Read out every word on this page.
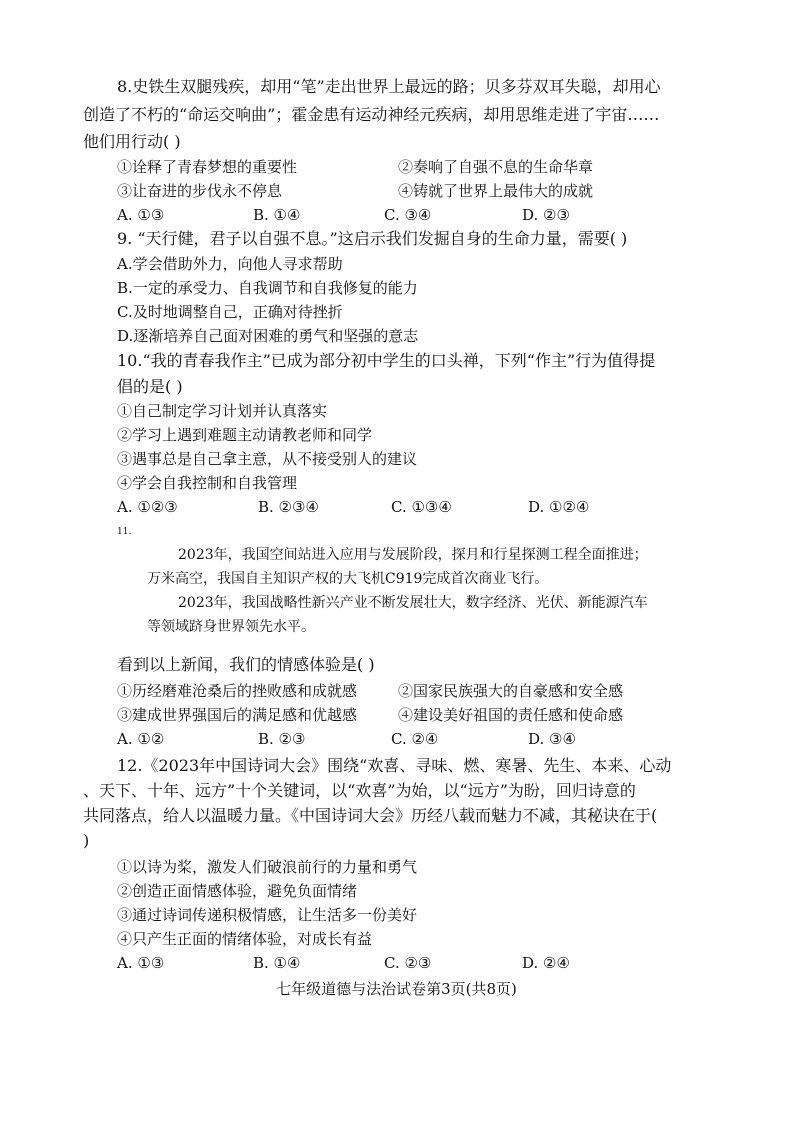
8.史铁生双腿残疾，却用“笔”走出世界上最远的路；贝多芬双耳失聪，却用心
创造了不朽的“命运交响曲”；霍金患有运动神经元疾病，却用思维走进了宇宙……
他们用行动( )
①诠释了青春梦想的重要性	②奏响了自强不息的生命华章
③让奋进的步伐永不停息	④铸就了世界上最伟大的成就
A. ①③	B. ①④	C. ③④	D. ②③
9. “天行健，君子以自强不息。”这启示我们发掘自身的生命力量，需要( )
A.学会借助外力，向他人寻求帮助
B.一定的承受力、自我调节和自我修复的能力
C.及时地调整自己，正确对待挫折
D.逐渐培养自己面对困难的勇气和坚强的意志
10.“我的青春我作主”已成为部分初中学生的口头禅，下列“作主”行为值得提
倡的是( )
①自己制定学习计划并认真落实
②学习上遇到难题主动请教老师和同学
③遇事总是自己拿主意，从不接受别人的建议
④学会自我控制和自我管理
A. ①②③	B. ②③④	C. ①③④	D. ①②④
11.
2023年，我国空间站进入应用与发展阶段，探月和行星探测工程全面推进；
万米高空，我国自主知识产权的大飞机C919完成首次商业飞行。
2023年，我国战略性新兴产业不断发展壮大，数字经济、光伏、新能源汽车
等领域跻身世界领先水平。
看到以上新闻，我们的情感体验是( )
①历经磨难沧桑后的挫败感和成就感	②国家民族强大的自豪感和安全感
③建成世界强国后的满足感和优越感	④建设美好祖国的责任感和使命感
A. ①②	B. ②③	C. ②④	D. ③④
12.《2023年中国诗词大会》围绕“欢喜、寻味、燃、寒暑、先生、本来、心动
、天下、十年、远方”十个关键词，以“欢喜”为始，以“远方”为盼，回归诗意的
共同落点，给人以温暖力量。《中国诗词大会》历经八载而魅力不减，其秘诀在于(
)
①以诗为桨，激发人们破浪前行的力量和勇气
②创造正面情感体验，避免负面情绪
③通过诗词传递积极情感，让生活多一份美好
④只产生正面的情绪体验，对成长有益
A. ①③	B. ①④	C. ②③	D. ②④
七年级道德与法治试卷第3页(共8页)
